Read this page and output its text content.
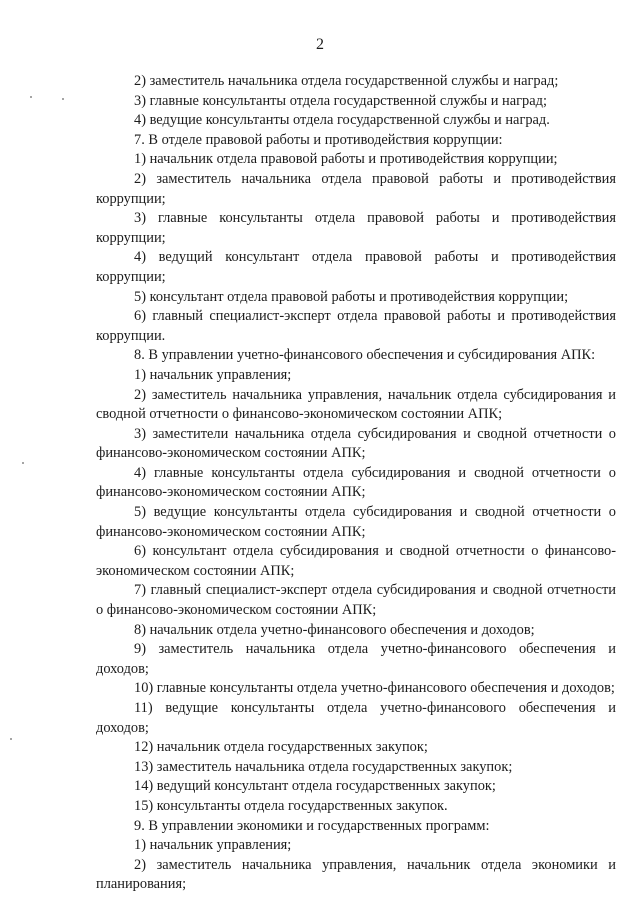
2

2) заместитель начальника отдела государственной службы и наград;

3) главные консультанты отдела государственной службы и наград;

4) ведущие консультанты отдела государственной службы и наград.

7. В отделе правовой работы и противодействия коррупции:

1) начальник отдела правовой работы и противодействия коррупции;

2) заместитель начальника отдела правовой работы и противодействия коррупции;

3) главные консультанты отдела правовой работы и противодействия коррупции;

4) ведущий консультант отдела правовой работы и противодействия коррупции;

5) консультант отдела правовой работы и противодействия коррупции;

6) главный специалист-эксперт отдела правовой работы и противодействия коррупции.

8. В управлении учетно-финансового обеспечения и субсидирования АПК:

1) начальник управления;

2) заместитель начальника управления, начальник отдела субсидирования и сводной отчетности о финансово-экономическом состоянии АПК;

3) заместители начальника отдела субсидирования и сводной отчетности о финансово-экономическом состоянии АПК;

4) главные консультанты отдела субсидирования и сводной отчетности о финансово-экономическом состоянии АПК;

5) ведущие консультанты отдела субсидирования и сводной отчетности о финансово-экономическом состоянии АПК;

6) консультант отдела субсидирования и сводной отчетности о финансово-экономическом состоянии АПК;

7) главный специалист-эксперт отдела субсидирования и сводной отчетности о финансово-экономическом состоянии АПК;

8) начальник отдела учетно-финансового обеспечения и доходов;

9) заместитель начальника отдела учетно-финансового обеспечения и доходов;

10) главные консультанты отдела учетно-финансового обеспечения и доходов;

11) ведущие консультанты отдела учетно-финансового обеспечения и доходов;

12) начальник отдела государственных закупок;

13) заместитель начальника отдела государственных закупок;

14) ведущий консультант отдела государственных закупок;

15) консультанты отдела государственных закупок.

9. В управлении экономики и государственных программ:

1) начальник управления;

2) заместитель начальника управления, начальник отдела экономики и планирования;
